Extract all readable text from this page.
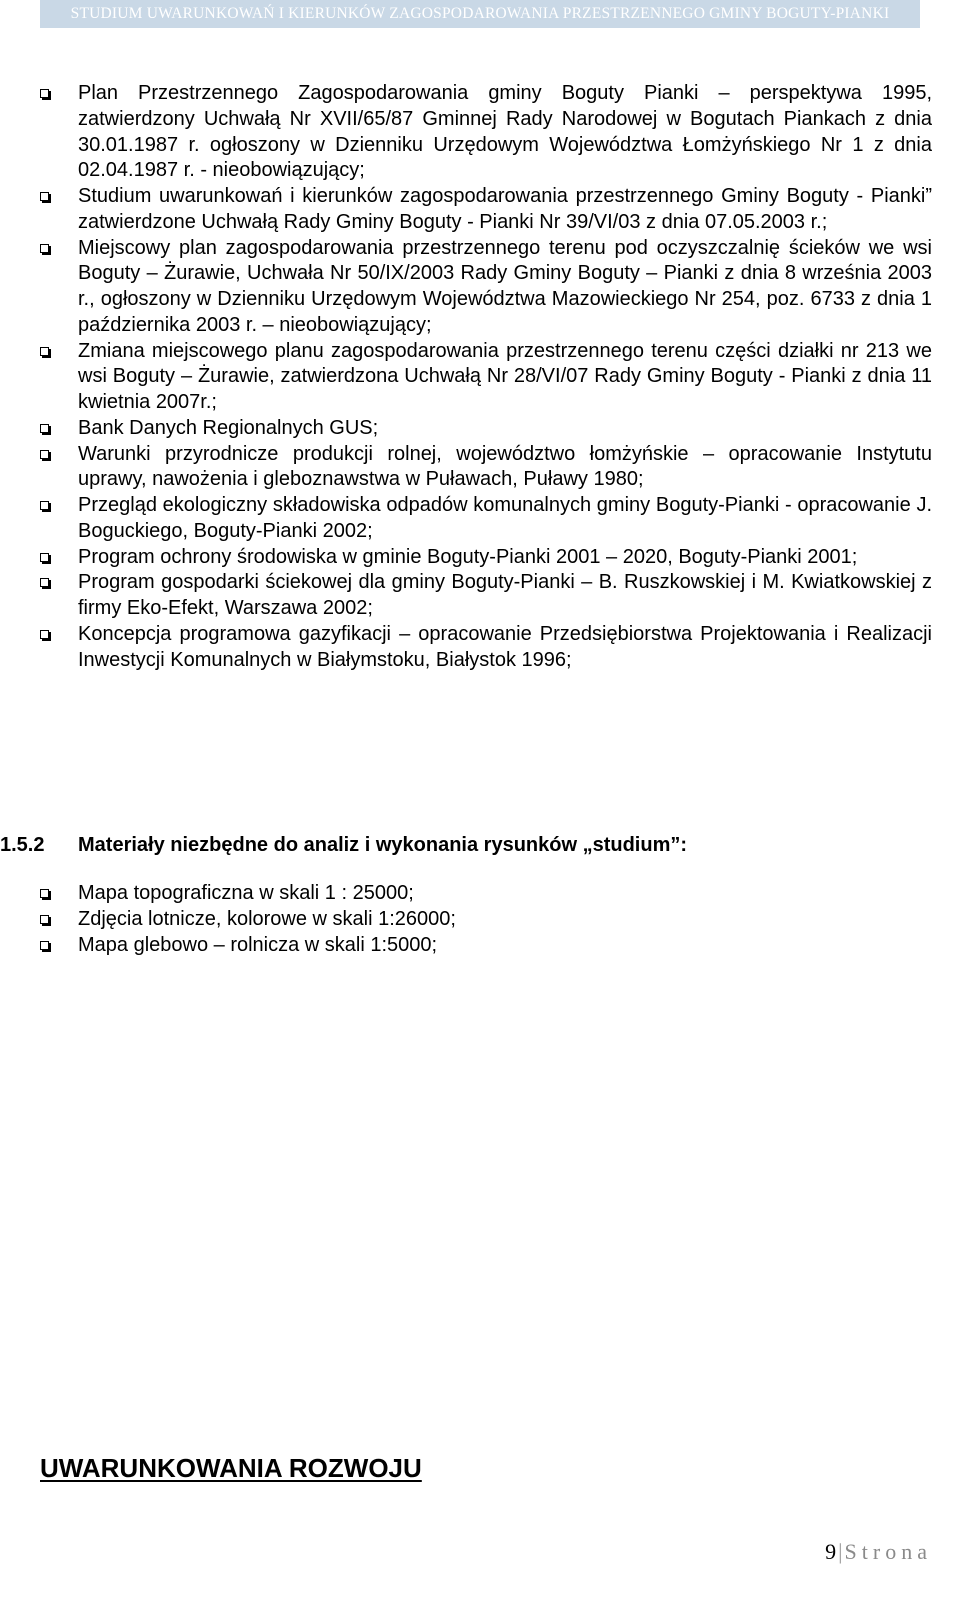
STUDIUM UWARUNKOWAŃ I KIERUNKÓW ZAGOSPODAROWANIA PRZESTRZENNEGO GMINY BOGUTY-PIANKI
Plan Przestrzennego Zagospodarowania gminy Boguty Pianki – perspektywa 1995, zatwierdzony Uchwałą Nr XVII/65/87 Gminnej Rady Narodowej w Bogutach Piankach z dnia 30.01.1987 r. ogłoszony w Dzienniku Urzędowym Województwa Łomżyńskiego Nr 1 z dnia 02.04.1987 r. - nieobowiązujący;
Studium uwarunkowań i kierunków zagospodarowania przestrzennego Gminy Boguty - Pianki” zatwierdzone Uchwałą Rady Gminy Boguty - Pianki Nr 39/VI/03 z dnia 07.05.2003 r.;
Miejscowy plan zagospodarowania przestrzennego terenu pod oczyszczalnię ścieków we wsi Boguty – Żurawie, Uchwała Nr 50/IX/2003 Rady Gminy Boguty – Pianki z dnia 8 września 2003 r., ogłoszony w Dzienniku Urzędowym Województwa Mazowieckiego Nr 254, poz. 6733 z dnia 1 października 2003 r. – nieobowiązujący;
Zmiana miejscowego planu zagospodarowania przestrzennego terenu części działki nr 213 we wsi Boguty – Żurawie, zatwierdzona Uchwałą Nr 28/VI/07 Rady Gminy Boguty - Pianki z dnia 11 kwietnia 2007r.;
Bank Danych Regionalnych GUS;
Warunki przyrodnicze produkcji rolnej, województwo łomżyńskie – opracowanie Instytutu uprawy, nawożenia i gleboznawstwa w Puławach, Puławy 1980;
Przegląd ekologiczny składowiska odpadów komunalnych gminy Boguty-Pianki - opracowanie J. Boguckiego, Boguty-Pianki 2002;
Program ochrony środowiska w gminie Boguty-Pianki 2001 – 2020, Boguty-Pianki 2001;
Program gospodarki ściekowej dla gminy Boguty-Pianki – B. Ruszkowskiej i M. Kwiatkowskiej z firmy Eko-Efekt, Warszawa 2002;
Koncepcja programowa gazyfikacji – opracowanie Przedsiębiorstwa Projektowania i Realizacji Inwestycji Komunalnych w Białymstoku, Białystok 1996;
1.5.2 Materiały niezbędne do analiz i wykonania rysunków „studium”:
Mapa topograficzna w skali 1 : 25000;
Zdjęcia lotnicze, kolorowe w skali 1:26000;
Mapa glebowo – rolnicza w skali 1:5000;
UWARUNKOWANIA ROZWOJU
9|Strona
